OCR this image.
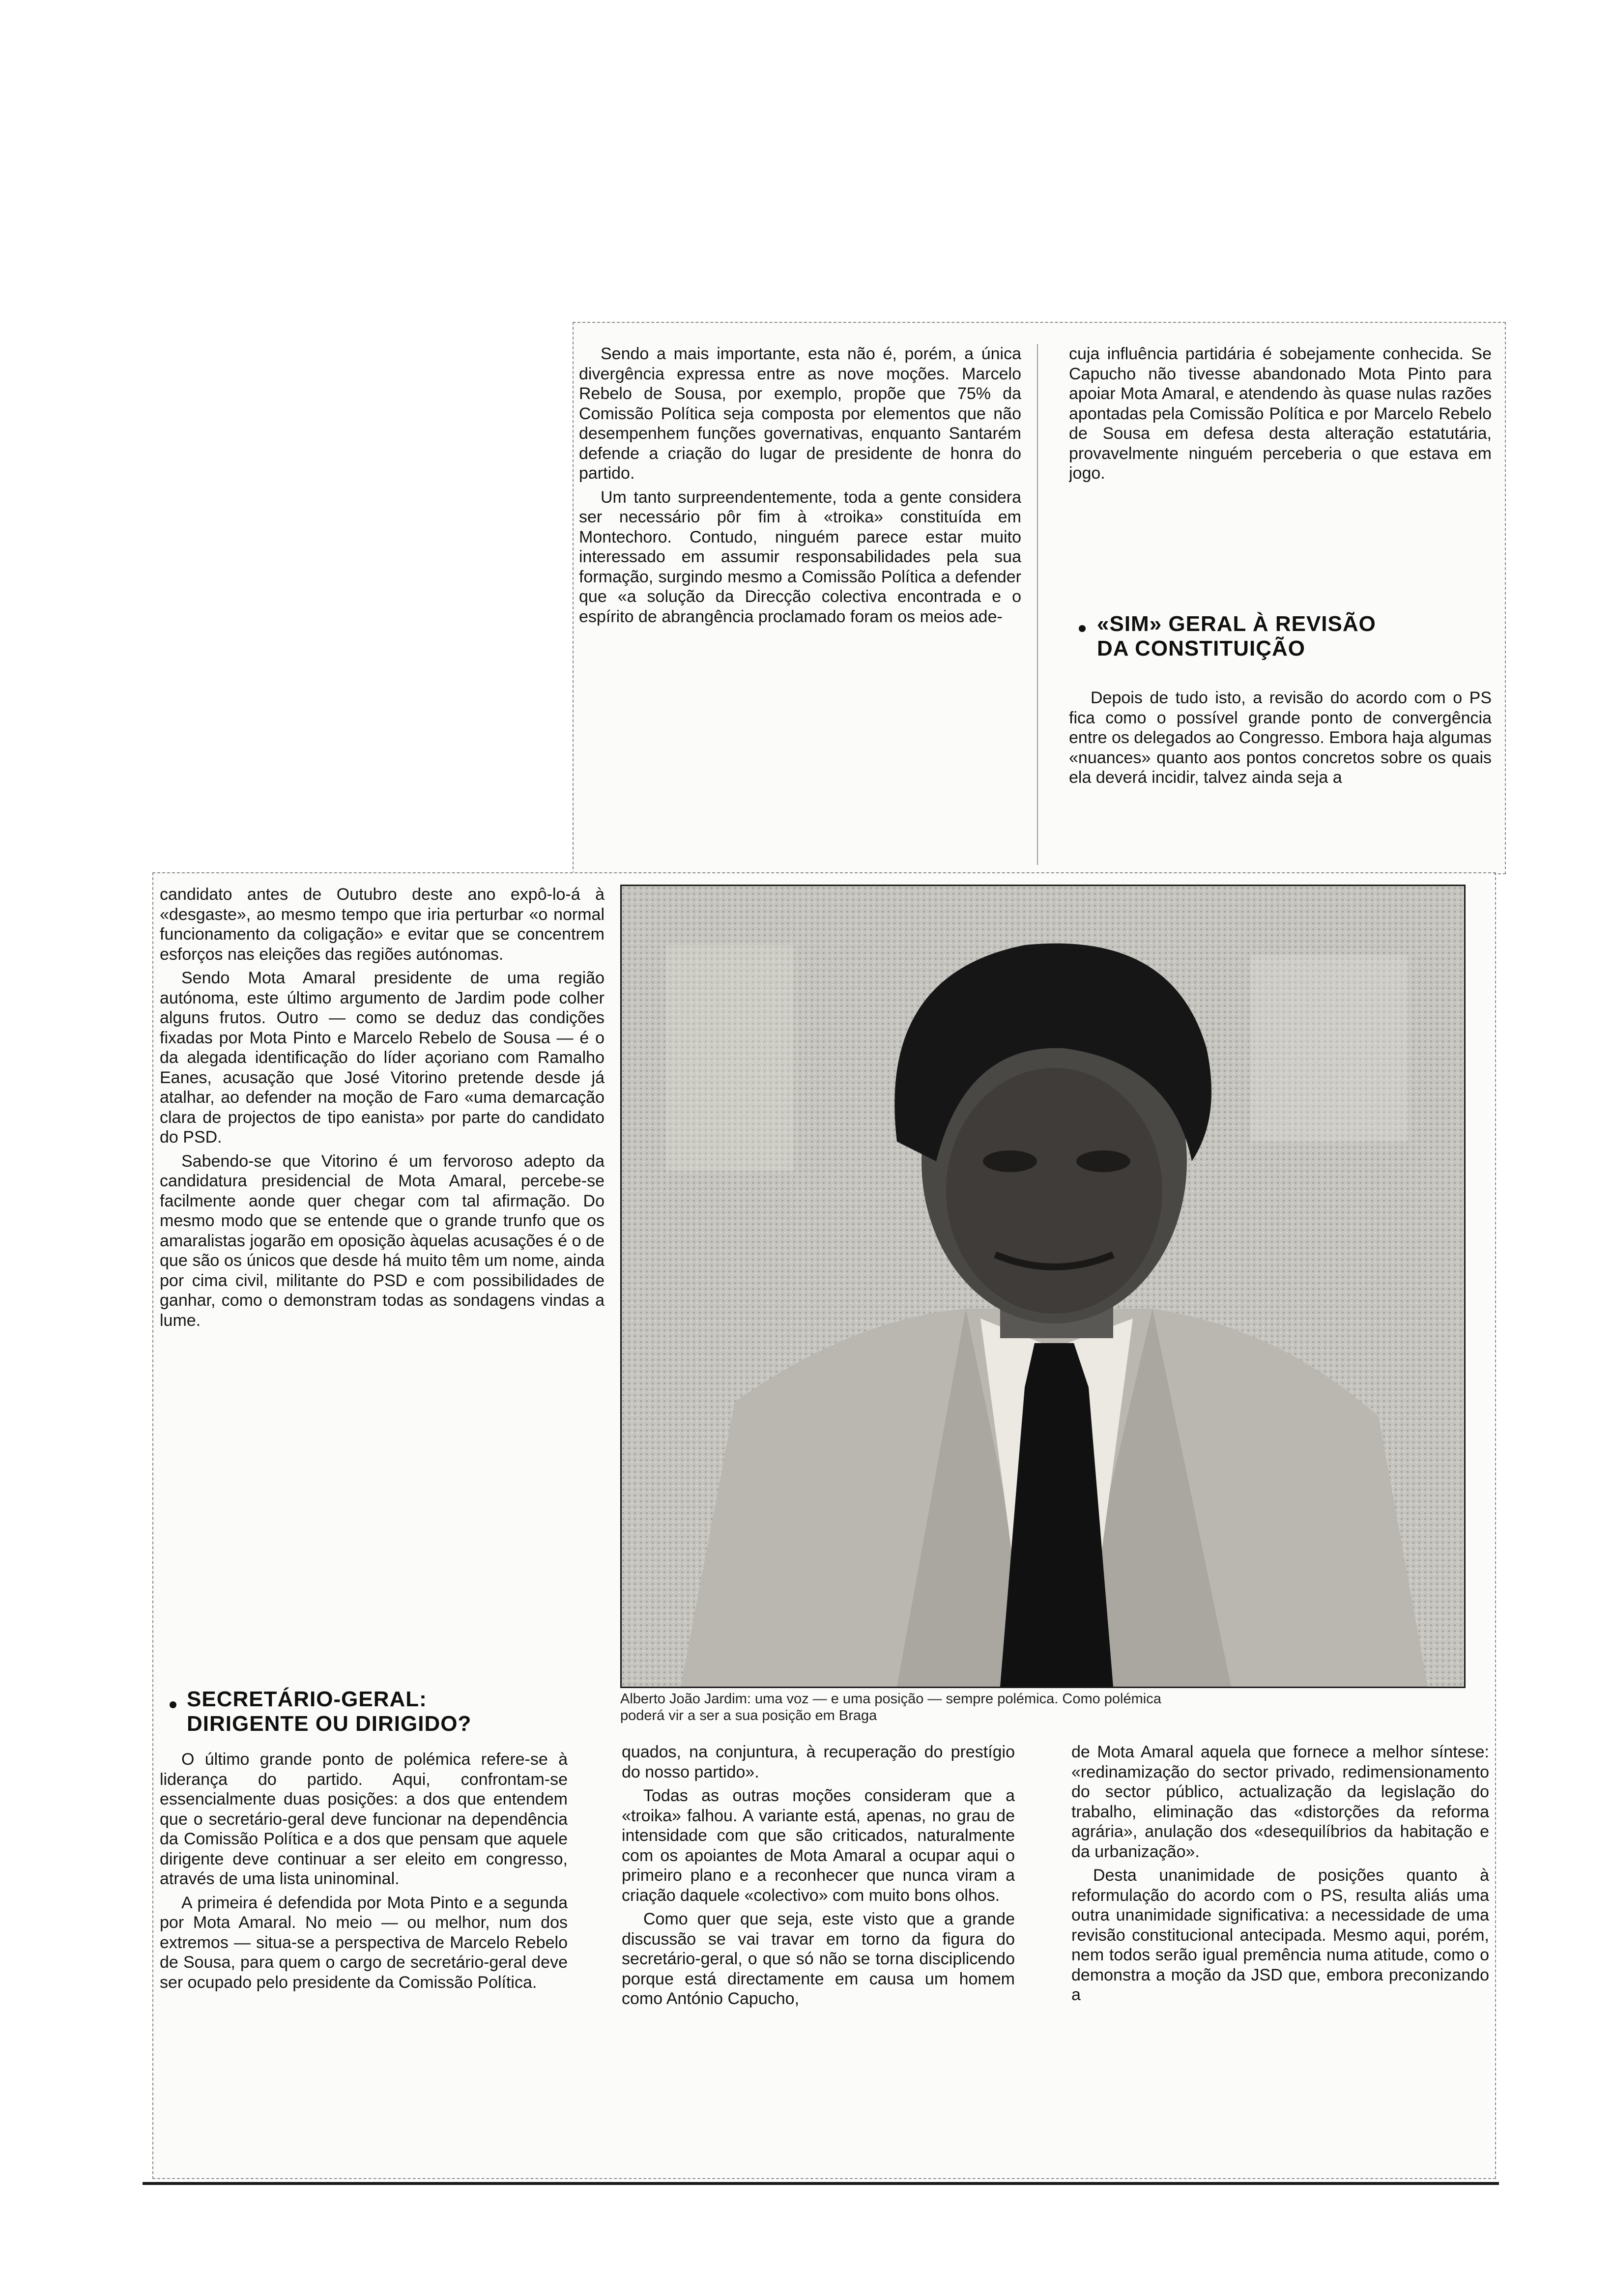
Sendo a mais importante, esta não é, porém, a única divergência expressa entre as nove moções. Marcelo Rebelo de Sousa, por exemplo, propõe que 75% da Comissão Política seja composta por elementos que não desempenhem funções governativas, enquanto Santarém defende a criação do lugar de presidente de honra do partido.

Um tanto surpreendentemente, toda a gente considera ser necessário pôr fim à «troika» constituída em Montechoro. Contudo, ninguém parece estar muito interessado em assumir responsabilidades pela sua formação, surgindo mesmo a Comissão Política a defender que «a solução da Direcção colectiva encontrada e o espírito de abrangência proclamado foram os meios ade-

cuja influência partidária é sobejamente conhecida. Se Capucho não tivesse abandonado Mota Pinto para apoiar Mota Amaral, e atendendo às quase nulas razões apontadas pela Comissão Política e por Marcelo Rebelo de Sousa em defesa desta alteração estatutária, provavelmente ninguém perceberia o que estava em jogo.

«SIM» GERAL À REVISÃO
DA CONSTITUIÇÃO

Depois de tudo isto, a revisão do acordo com o PS fica como o possível grande ponto de convergência entre os delegados ao Congresso. Embora haja algumas «nuances» quanto aos pontos concretos sobre os quais ela deverá incidir, talvez ainda seja a

candidato antes de Outubro deste ano expô-lo-á à «desgaste», ao mesmo tempo que iria perturbar «o normal funcionamento da coligação» e evitar que se concentrem esforços nas eleições das regiões autónomas.

Sendo Mota Amaral presidente de uma região autónoma, este último argumento de Jardim pode colher alguns frutos. Outro — como se deduz das condições fixadas por Mota Pinto e Marcelo Rebelo de Sousa — é o da alegada identificação do líder açoriano com Ramalho Eanes, acusação que José Vitorino pretende desde já atalhar, ao defender na moção de Faro «uma demarcação clara de projectos de tipo eanista» por parte do candidato do PSD.

Sabendo-se que Vitorino é um fervoroso adepto da candidatura presidencial de Mota Amaral, percebe-se facilmente aonde quer chegar com tal afirmação. Do mesmo modo que se entende que o grande trunfo que os amaralistas jogarão em oposição àquelas acusações é o de que são os únicos que desde há muito têm um nome, ainda por cima civil, militante do PSD e com possibilidades de ganhar, como o demonstram todas as sondagens vindas a lume.

SECRETÁRIO-GERAL:
DIRIGENTE OU DIRIGIDO?
Alberto João Jardim: uma voz — e uma posição — sempre polémica. Como polémica
poderá vir a ser a sua posição em Braga

O último grande ponto de polémica refere-se à liderança do partido. Aqui, confrontam-se essencialmente duas posições: a dos que entendem que o secretário-geral deve funcionar na dependência da Comissão Política e a dos que pensam que aquele dirigente deve continuar a ser eleito em congresso, através de uma lista uninominal.

A primeira é defendida por Mota Pinto e a segunda por Mota Amaral. No meio — ou melhor, num dos extremos — situa-se a perspectiva de Marcelo Rebelo de Sousa, para quem o cargo de secretário-geral deve ser ocupado pelo presidente da Comissão Política.

quados, na conjuntura, à recuperação do prestígio do nosso partido».

Todas as outras moções consideram que a «troika» falhou. A variante está, apenas, no grau de intensidade com que são criticados, naturalmente com os apoiantes de Mota Amaral a ocupar aqui o primeiro plano e a reconhecer que nunca viram a criação daquele «colectivo» com muito bons olhos.

Como quer que seja, este visto que a grande discussão se vai travar em torno da figura do secretário-geral, o que só não se torna disciplicendo porque está directamente em causa um homem como António Capucho,

de Mota Amaral aquela que fornece a melhor síntese: «redinamização do sector privado, redimensionamento do sector público, actualização da legislação do trabalho, eliminação das «distorções da reforma agrária», anulação dos «desequilíbrios da habitação e da urbanização».

Desta unanimidade de posições quanto à reformulação do acordo com o PS, resulta aliás uma outra unanimidade significativa: a necessidade de uma revisão constitucional antecipada. Mesmo aqui, porém, nem todos serão igual premência numa atitude, como o demonstra a moção da JSD que, embora preconizando a
